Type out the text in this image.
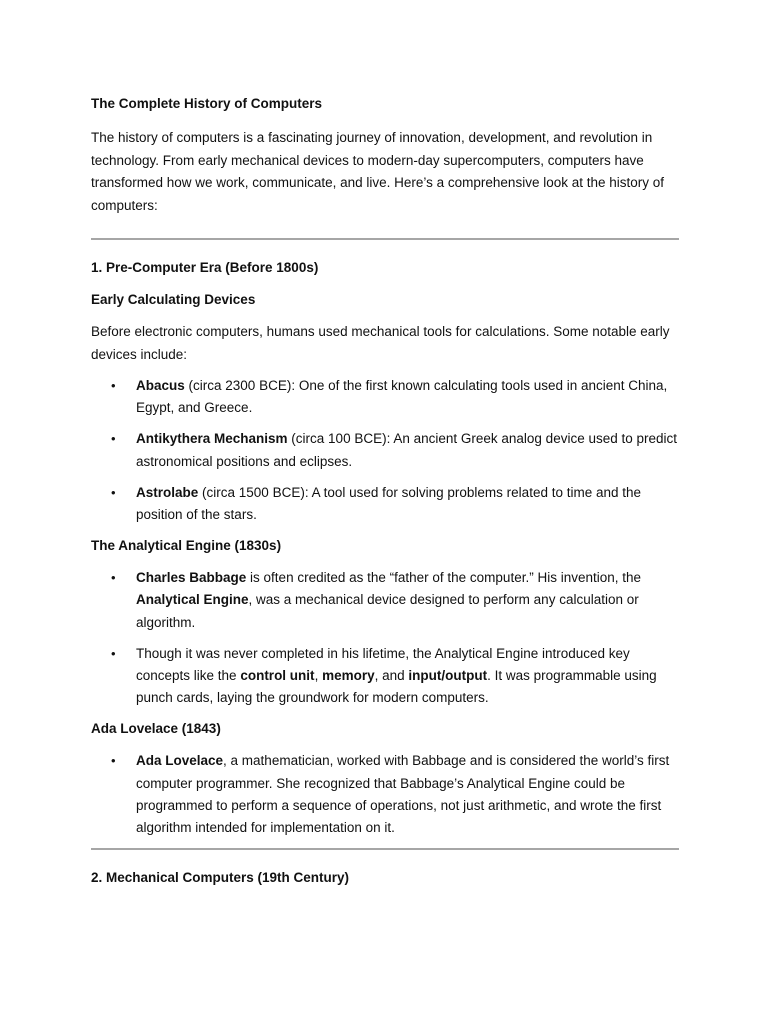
The Complete History of Computers

The history of computers is a fascinating journey of innovation, development, and revolution in technology. From early mechanical devices to modern-day supercomputers, computers have transformed how we work, communicate, and live. Here’s a comprehensive look at the history of computers:

1. Pre-Computer Era (Before 1800s)
Early Calculating Devices

Before electronic computers, humans used mechanical tools for calculations. Some notable early devices include:

• Abacus (circa 2300 BCE): One of the first known calculating tools used in ancient China, Egypt, and Greece.
• Antikythera Mechanism (circa 100 BCE): An ancient Greek analog device used to predict astronomical positions and eclipses.
• Astrolabe (circa 1500 BCE): A tool used for solving problems related to time and the position of the stars.
The Analytical Engine (1830s)
• Charles Babbage is often credited as the “father of the computer.” His invention, the Analytical Engine, was a mechanical device designed to perform any calculation or algorithm.
• Though it was never completed in his lifetime, the Analytical Engine introduced key concepts like the control unit, memory, and input/output. It was programmable using punch cards, laying the groundwork for modern computers.
Ada Lovelace (1843)
• Ada Lovelace, a mathematician, worked with Babbage and is considered the world’s first computer programmer. She recognized that Babbage’s Analytical Engine could be programmed to perform a sequence of operations, not just arithmetic, and wrote the first algorithm intended for implementation on it.
2. Mechanical Computers (19th Century)
